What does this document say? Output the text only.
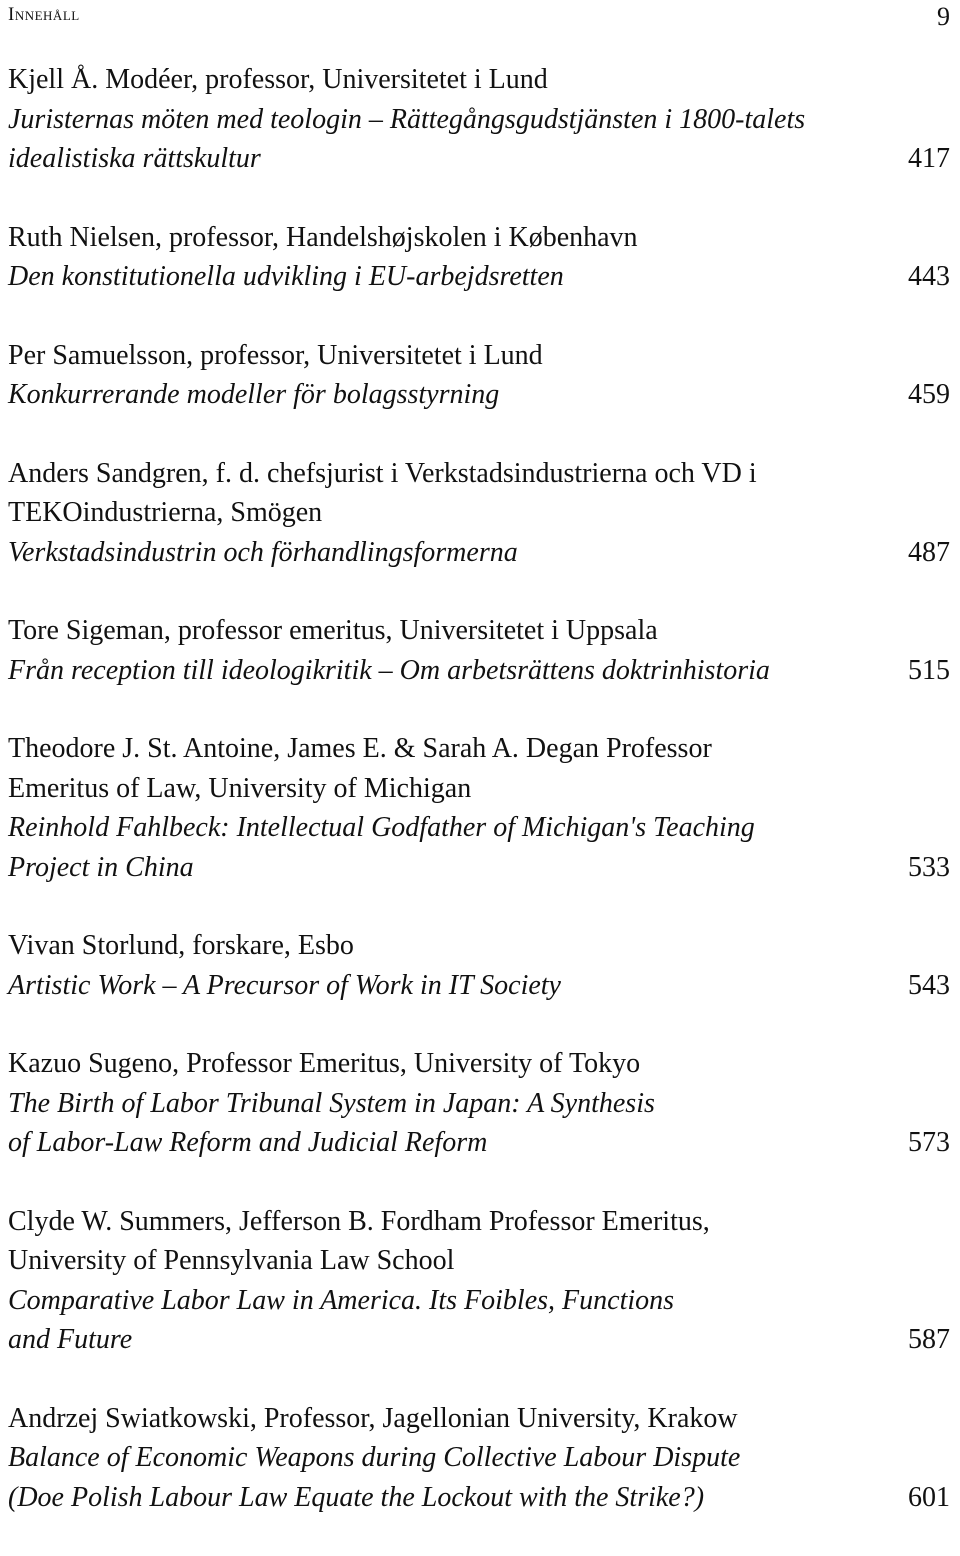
Innehåll	9
Kjell Å. Modéer, professor, Universitetet i Lund
Juristernas möten med teologin – Rättegångsgudstjänsten i 1800-talets
idealistiska rättskultur	417
Ruth Nielsen, professor, Handelshøjskolen i København
Den konstitutionella udvikling i EU-arbejdsretten	443
Per Samuelsson, professor, Universitetet i Lund
Konkurrerande modeller för bolagsstyrning	459
Anders Sandgren, f. d. chefsjurist i Verkstadsindustrierna och VD i
TEKOindustrierna, Smögen
Verkstadsindustrin och förhandlingsformerna	487
Tore Sigeman, professor emeritus, Universitetet i Uppsala
Från reception till ideologikritik – Om arbetsrättens doktrinhistoria	515
Theodore J. St. Antoine, James E. & Sarah A. Degan Professor
Emeritus of Law, University of Michigan
Reinhold Fahlbeck: Intellectual Godfather of Michigan's Teaching
Project in China	533
Vivan Storlund, forskare, Esbo
Artistic Work – A Precursor of Work in IT Society	543
Kazuo Sugeno, Professor Emeritus, University of Tokyo
The Birth of Labor Tribunal System in Japan: A Synthesis
of Labor-Law Reform and Judicial Reform	573
Clyde W. Summers, Jefferson B. Fordham Professor Emeritus,
University of Pennsylvania Law School
Comparative Labor Law in America. Its Foibles, Functions
and Future	587
Andrzej Swiatkowski, Professor, Jagellonian University, Krakow
Balance of Economic Weapons during Collective Labour Dispute
(Doe Polish Labour Law Equate the Lockout with the Strike?)	601
